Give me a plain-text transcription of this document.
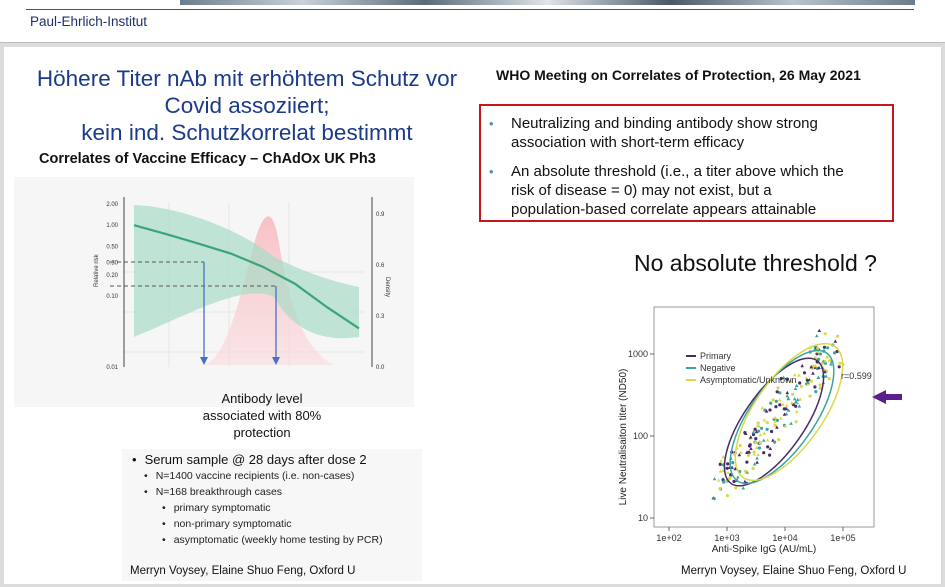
Paul-Ehrlich-Institut
Höhere Titer nAb mit erhöhtem Schutz vor
Covid assoziiert;
kein ind. Schutzkorrelat bestimmt
Correlates of Vaccine Efficacy – ChAdOx UK Ph3
WHO Meeting on Correlates of Protection, 26 May 2021
• Neutralizing and binding antibody show strong
association with short-term efficacy
• An absolute threshold (i.e., a titer above which the
risk of disease = 0) may not exist, but a
population-based correlate appears attainable
2.00
1.00
0.50
0.30
0.20
0.10
0.01
0.9
0.6
0.3
0.0
Relative risk
Density
Antibody level
associated with 80%
protection
• Serum sample @ 28 days after dose 2
• N=1400 vaccine recipients (i.e. non-cases)
• N=168 breakthrough cases
• primary symptomatic
• non-primary symptomatic
• asymptomatic (weekly home testing by PCR)
Merryn Voysey, Elaine Shuo Feng, Oxford U	Merryn Voysey, Elaine Shuo Feng, Oxford U
No absolute threshold ?
Primary
Negative
Asymptomatic/Unknown	r=0.599
1e+02	1e+03	1e+04	1e+05
10
100
1000
Anti-Spike IgG (AU/mL)
Live Neutralisaiton titer (ND50)
